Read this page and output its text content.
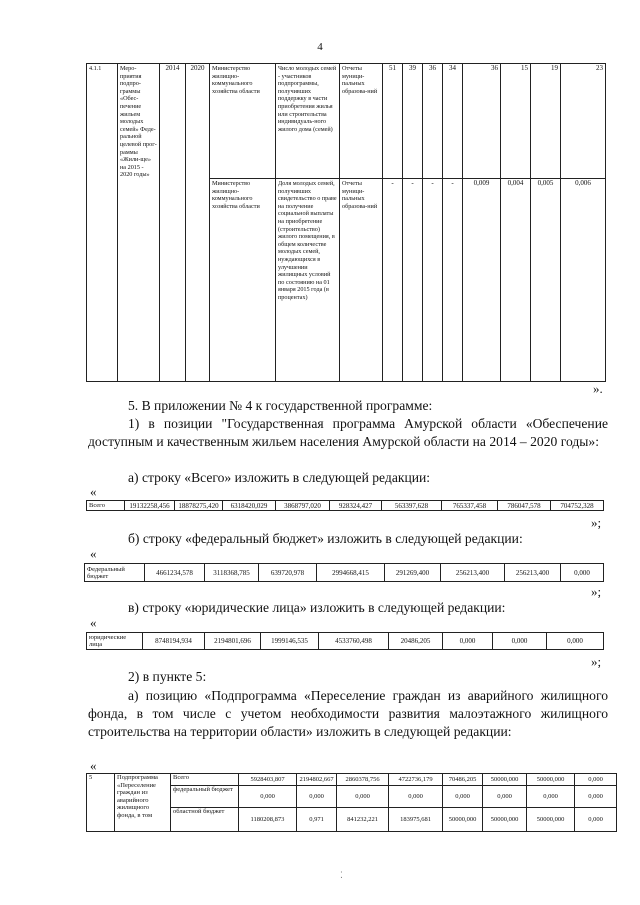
4
4.1.1	Меро-приятия подпро-граммы «Обес-печение жильем молодых семей» Феде-ральной целевой прог-раммы «Жили-ще» на 2015 - 2020 годы»	2014	2020	Министерство жилищно-коммунального хозяйства области	Число молодых семей - участников подпрограммы, получивших поддержку в части приобретения жилья или строительства индивидуаль-ного жилого дома (семей)	Отчеты муници-пальных образова-ний	51	39	36	34	36	15	19	23
				Министерство жилищно-коммунального хозяйства области	Доля молодых семей, получивших свидетельство о праве на получение социальной выплаты на приобретение (строительство) жилого помещения, в общем количестве молодых семей, нуждающихся в улучшении жилищных условий по состоянию на 01 января 2015 года (в процентах)	Отчеты муници-пальных образова-ний	-	-	-	-	0,009	0,004	0,005	0,006
».
5. В приложении № 4 к государственной программе:
1) в позиции "Государственная программа Амурской области «Обеспечение доступным и качественным жильем населения Амурской области на 2014 – 2020 годы»:
а) строку «Всего» изложить в следующей редакции:
«
Всего	19132258,456	18878275,420	6318420,029	3868797,020	928324,427	563397,628	765337,458	786047,578	704752,328
»;
б) строку «федеральный бюджет» изложить в следующей редакции:
«
Федеральный бюджет	4661234,578	3118368,785	639720,978	2994668,415	291269,400	256213,400	256213,400	0,000
»;
в) строку «юридические лица» изложить в следующей редакции:
«
юридические лица	8748194,934	2194801,696	1999146,535	4533760,498	20486,205	0,000	0,000	0,000
»;
2) в пункте 5:
а) позицию «Подпрограмма «Переселение граждан из аварийного жилищного фонда, в том числе с учетом необходимости развития малоэтажного жилищного строительства на территории области» изложить в следующей редакции:
«
5	Подпрограмма «Переселение граждан из аварийного жилищного фонда, в том	Всего	5928403,807	2194802,667	2860378,756	4722736,179	70486,205	50000,000	50000,000	0,000
		федеральный бюджет	0,000	0,000	0,000	0,000	0,000	0,000	0,000	0,000
		областной бюджет	1180208,873	0,971	841232,221	183975,681	50000,000	50000,000	50000,000	0,000
⁚
